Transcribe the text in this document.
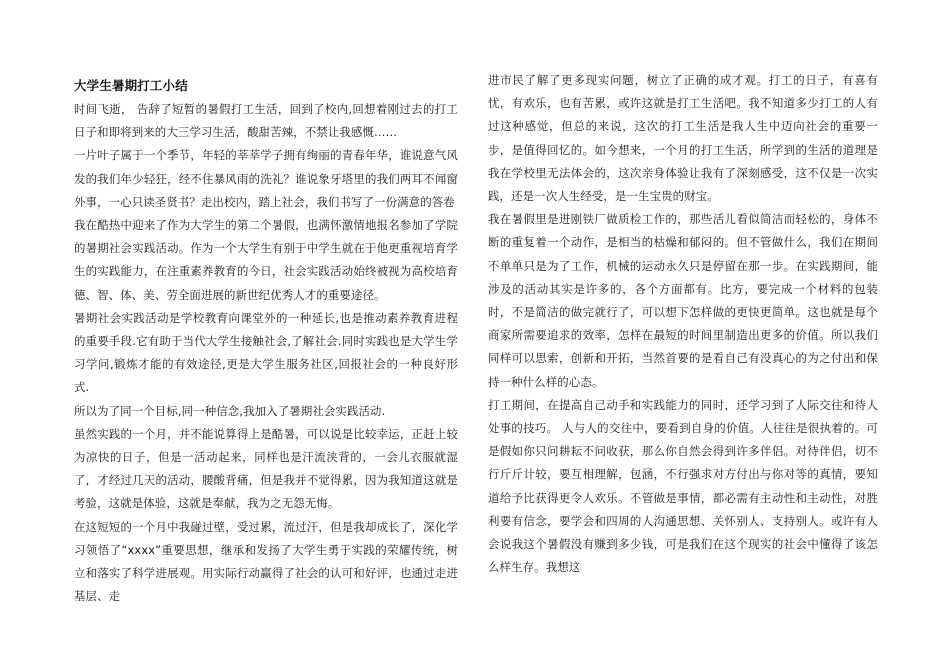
大学生暑期打工小结

时间飞逝， 告辞了短暂的暑假打工生活，回到了校内,回想着刚过去的打工日子和即将到来的大三学习生活，酸甜苦辣，不禁让我感慨……

一片叶子属于一个季节，年轻的莘莘学子拥有绚丽的青春年华，谁说意气风发的我们年少轻狂，经不住暴风雨的洗礼？谁说象牙塔里的我们两耳不闻窗外事，一心只读圣贤书？走出校内，踏上社会，我们书写了一份满意的答卷

我在酷热中迎来了作为大学生的第二个暑假，也满怀激情地报名参加了学院的暑期社会实践活动。作为一个大学生有别于中学生就在于他更重视培育学生的实践能力，在注重素养教育的今日，社会实践活动始终被视为高校培育德、智、体、美、劳全面进展的新世纪优秀人才的重要途径。

暑期社会实践活动是学校教育向课堂外的一种延长,也是推动素养教育进程的重要手段.它有助于当代大学生接触社会,了解社会.同时实践也是大学生学习学问,锻炼才能的有效途径,更是大学生服务社区,回报社会的一种良好形式.

所以为了同一个目标,同一种信念,我加入了暑期社会实践活动.

虽然实践的一个月，并不能说算得上是酷暑，可以说是比较幸运，正赶上较为凉快的日子，但是一活动起来，同样也是汗流浃背的，一会儿衣服就湿了，才经过几天的活动，腰酸背痛，但是我并不觉得累，因为我知道这就是考验，这就是体验，这就是奉献，我为之无怨无悔。

在这短短的一个月中我碰过壁，受过累，流过汗，但是我却成长了，深化学习领悟了“xxxx”重要思想，继承和发扬了大学生勇于实践的荣耀传统，树立和落实了科学进展观。用实际行动赢得了社会的认可和好评，也通过走进基层、走

进市民了解了更多现实问题，树立了正确的成才观。打工的日子，有喜有忧，有欢乐，也有苦累，或许这就是打工生活吧。我不知道多少打工的人有过这种感觉，但总的来说，这次的打工生活是我人生中迈向社会的重要一步，是值得回忆的。如今想来，一个月的打工生活，所学到的生活的道理是我在学校里无法体会的，这次亲身体验让我有了深刻感受，这不仅是一次实践，还是一次人生经受，是一生宝贵的财宝。

我在暑假里是进刚铁厂做质检工作的，那些活儿看似简洁而轻松的，身体不断的重复着一个动作，是相当的枯燥和郁闷的。但不管做什么，我们在期间不单单只是为了工作，机械的运动永久只是停留在那一步。在实践期间，能涉及的活动其实是许多的，各个方面都有。比方，要完成一个材料的包装时，不是简洁的做完就行了，可以想下怎样做的更快更简单。这也就是每个商家所需要追求的效率，怎样在最短的时间里制造出更多的价值。所以我们同样可以思索，创新和开拓，当然首要的是看自己有没真心的为之付出和保持一种什么样的心态。

打工期间，在提高自己动手和实践能力的同时，还学习到了人际交往和待人处事的技巧。 人与人的交往中，要看到自身的价值。人往往是很执着的。可是假如你只问耕耘不问收获，那么你自然会得到许多伴侣。对待伴侣，切不行斤斤计较，要互相理解，包涵，不行强求对方付出与你对等的真情，要知道给予比获得更令人欢乐。不管做是事情，都必需有主动性和主动性，对胜利要有信念，要学会和四周的人沟通思想、关怀别人、支持别人。或许有人会说我这个暑假没有赚到多少钱，可是我们在这个现实的社会中懂得了该怎么样生存。我想这
